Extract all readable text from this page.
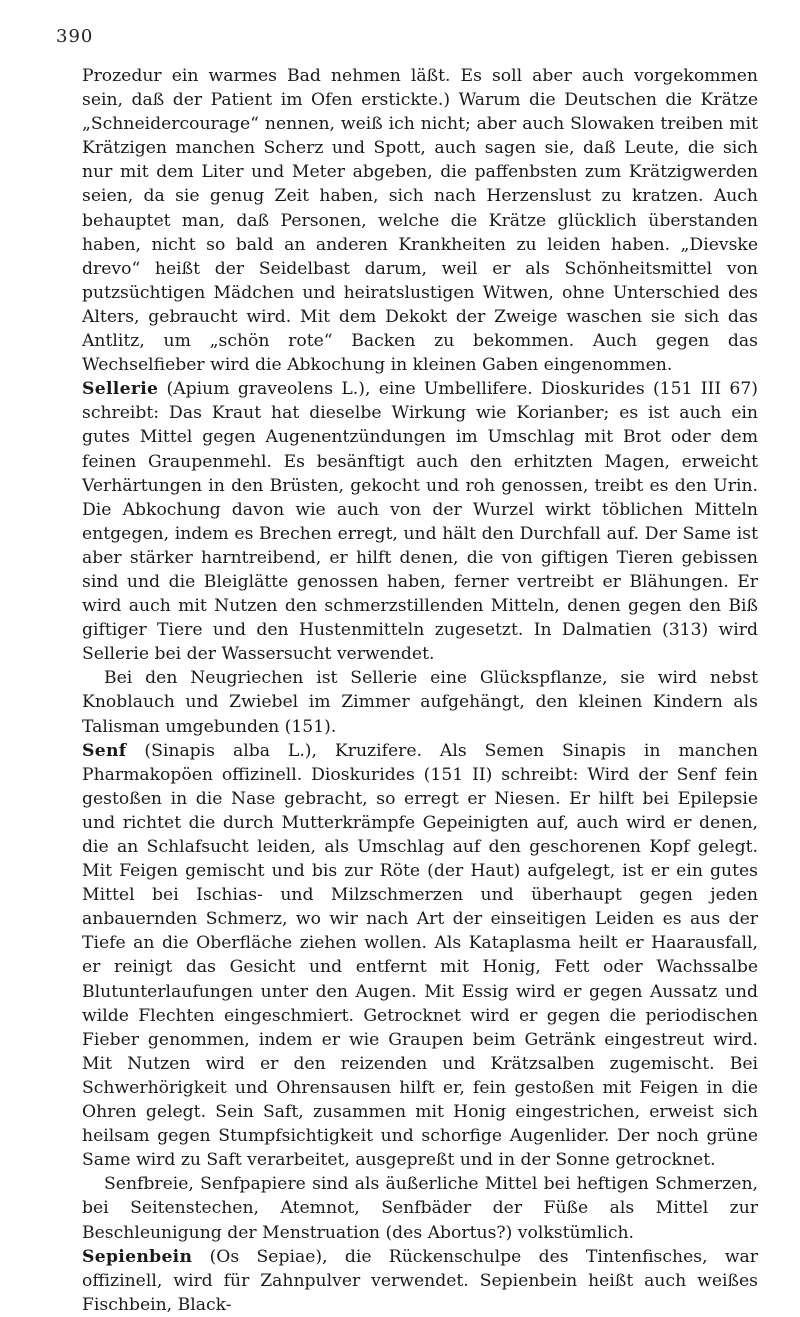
390

Prozedur ein warmes Bad nehmen läßt. Es soll aber auch vorgekommen sein, daß der Patient im Ofen erstickte.) Warum die Deutschen die Krätze „Schneidercourage“ nennen, weiß ich nicht; aber auch Slowaken treiben mit Krätzigen manchen Scherz und Spott, auch sagen sie, daß Leute, die sich nur mit dem Liter und Meter abgeben, die paffenbsten zum Krätzigwerden seien, da sie genug Zeit haben, sich nach Herzenslust zu kratzen. Auch behauptet man, daß Personen, welche die Krätze glücklich überstanden haben, nicht so bald an anderen Krankheiten zu leiden haben. „Dievske drevo“ heißt der Seidelbast darum, weil er als Schönheitsmittel von putzsüchtigen Mädchen und heiratslustigen Witwen, ohne Unterschied des Alters, gebraucht wird. Mit dem Dekokt der Zweige waschen sie sich das Antlitz, um „schön rote“ Backen zu bekommen. Auch gegen das Wechselfieber wird die Abkochung in kleinen Gaben eingenommen.

Sellerie (Apium graveolens L.), eine Umbellifere. Dioskurides (151 III 67) schreibt: Das Kraut hat dieselbe Wirkung wie Korianber; es ist auch ein gutes Mittel gegen Augenentzündungen im Umschlag mit Brot oder dem feinen Graupenmehl. Es besänftigt auch den erhitzten Magen, erweicht Verhärtungen in den Brüsten, gekocht und roh genossen, treibt es den Urin. Die Abkochung davon wie auch von der Wurzel wirkt töblichen Mitteln entgegen, indem es Brechen erregt, und hält den Durchfall auf. Der Same ist aber stärker harntreibend, er hilft denen, die von giftigen Tieren gebissen sind und die Bleiglätte genossen haben, ferner vertreibt er Blähungen. Er wird auch mit Nutzen den schmerzstillenden Mitteln, denen gegen den Biß giftiger Tiere und den Hustenmitteln zugesetzt. In Dalmatien (313) wird Sellerie bei der Wassersucht verwendet.

Bei den Neugriechen ist Sellerie eine Glückspflanze, sie wird nebst Knoblauch und Zwiebel im Zimmer aufgehängt, den kleinen Kindern als Talisman umgebunden (151).

Senf (Sinapis alba L.), Kruzifere. Als Semen Sinapis in manchen Pharmakopöen offizinell. Dioskurides (151 II) schreibt: Wird der Senf fein gestoßen in die Nase gebracht, so erregt er Niesen. Er hilft bei Epilepsie und richtet die durch Mutterkrämpfe Gepeinigten auf, auch wird er denen, die an Schlafsucht leiden, als Umschlag auf den geschorenen Kopf gelegt. Mit Feigen gemischt und bis zur Röte (der Haut) aufgelegt, ist er ein gutes Mittel bei Ischias- und Milzschmerzen und überhaupt gegen jeden anbauernden Schmerz, wo wir nach Art der einseitigen Leiden es aus der Tiefe an die Oberfläche ziehen wollen. Als Kataplasma heilt er Haarausfall, er reinigt das Gesicht und entfernt mit Honig, Fett oder Wachssalbe Blutunterlaufungen unter den Augen. Mit Essig wird er gegen Aussatz und wilde Flechten eingeschmiert. Getrocknet wird er gegen die periodischen Fieber genommen, indem er wie Graupen beim Getränk eingestreut wird. Mit Nutzen wird er den reizenden und Krätzsalben zugemischt. Bei Schwerhörigkeit und Ohrensausen hilft er, fein gestoßen mit Feigen in die Ohren gelegt. Sein Saft, zusammen mit Honig eingestrichen, erweist sich heilsam gegen Stumpfsichtigkeit und schorfige Augenlider. Der noch grüne Same wird zu Saft verarbeitet, ausgepreßt und in der Sonne getrocknet.

Senfbreie, Senfpapiere sind als äußerliche Mittel bei heftigen Schmerzen, bei Seitenstechen, Atemnot, Senfbäder der Füße als Mittel zur Beschleunigung der Menstruation (des Abortus?) volkstümlich.

Sepienbein (Os Sepiae), die Rückenschulpe des Tintenfisches, war offizinell, wird für Zahnpulver verwendet. Sepienbein heißt auch weißes Fischbein, Black-
